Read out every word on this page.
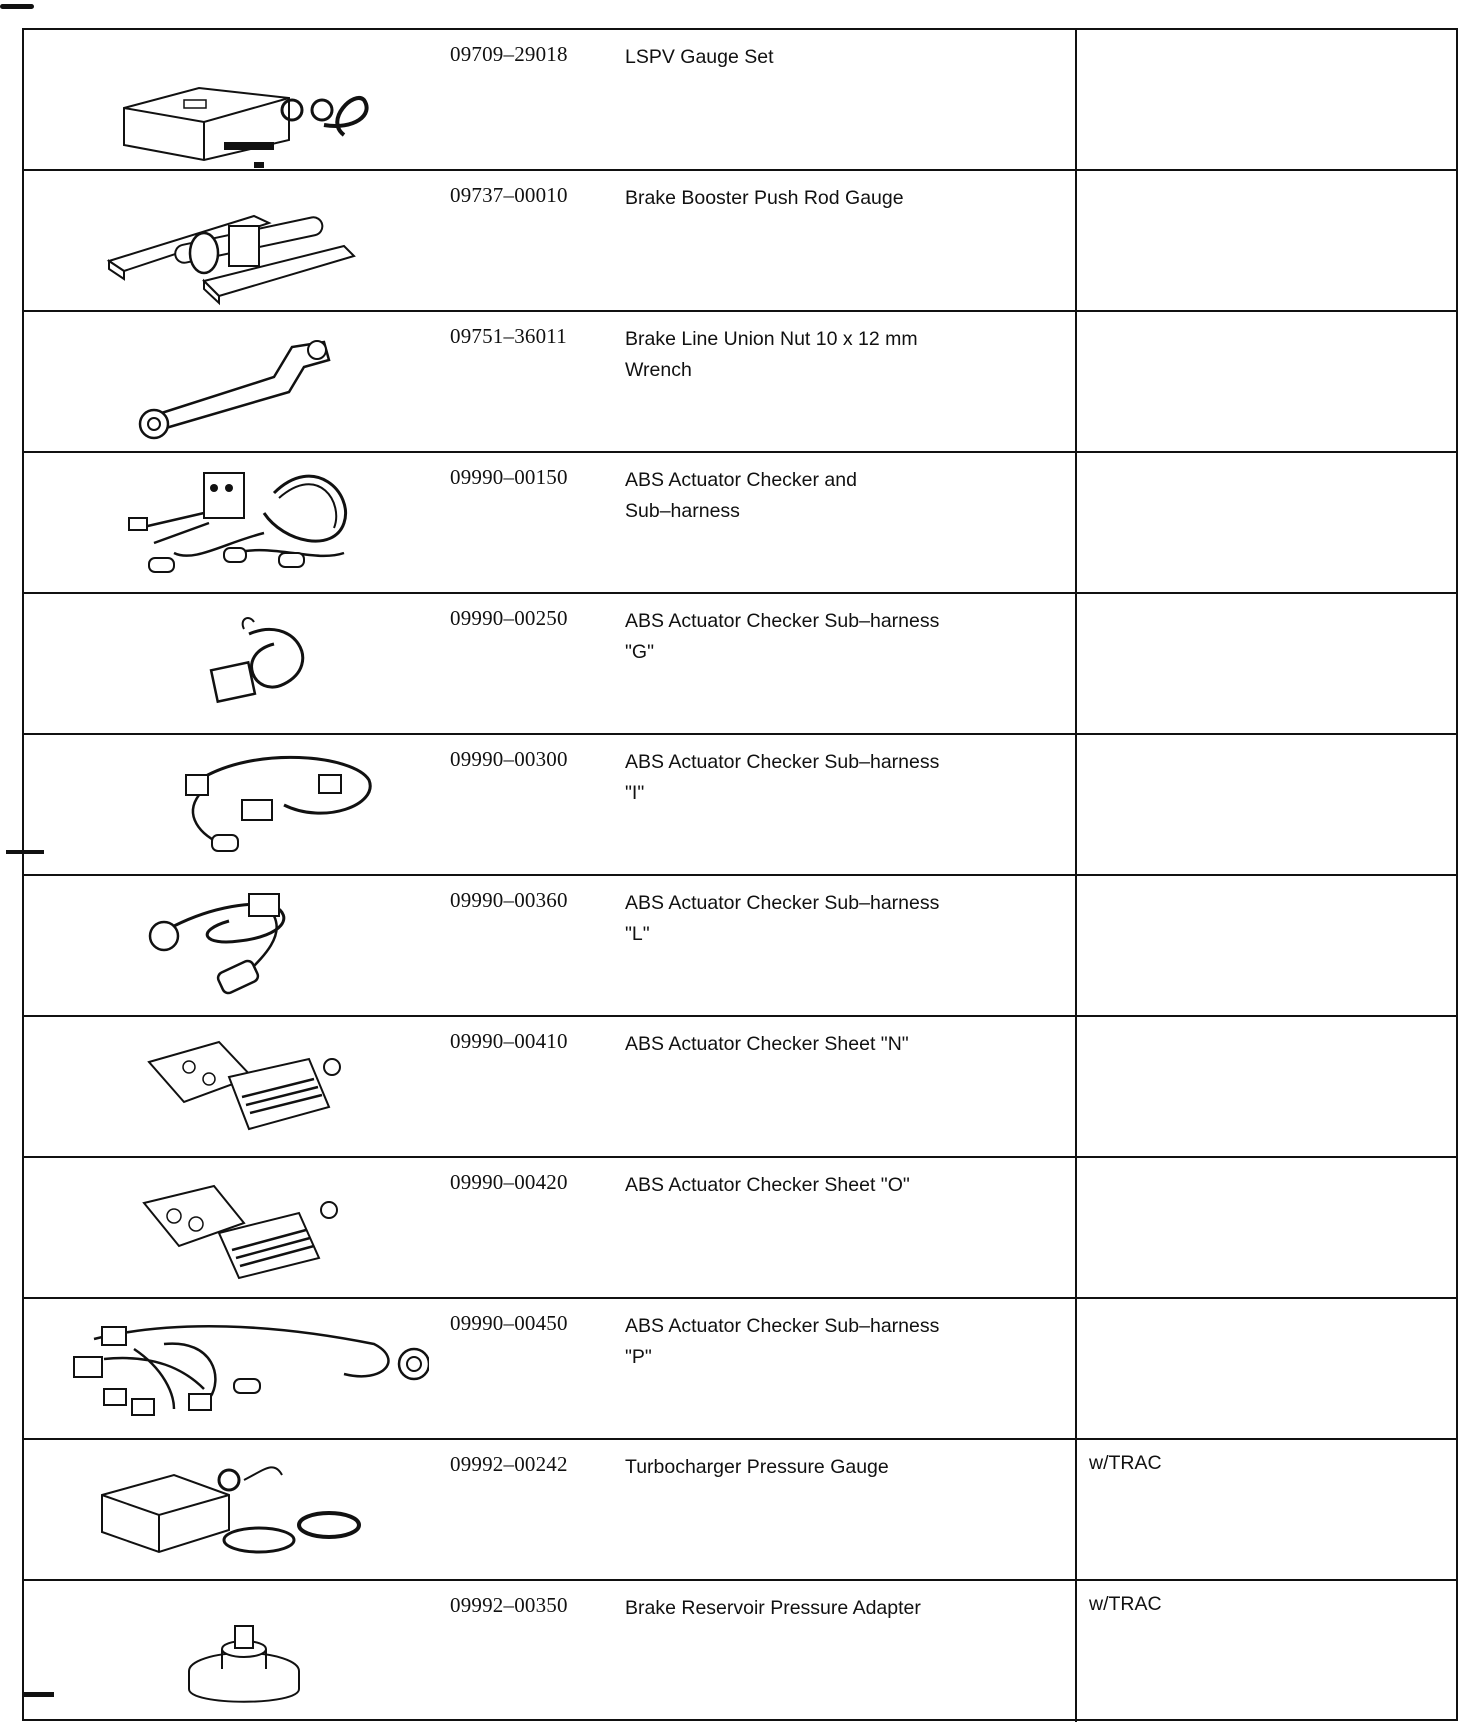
09709–29018	LSPV Gauge Set
09737–00010	Brake Booster Push Rod Gauge
09751–36011	Brake Line Union Nut 10 x 12 mm
Wrench
09990–00150	ABS Actuator Checker and
Sub–harness
09990–00250	ABS Actuator Checker Sub–harness
"G"
09990–00300	ABS Actuator Checker Sub–harness
"I"
09990–00360	ABS Actuator Checker Sub–harness
"L"
09990–00410	ABS Actuator Checker Sheet "N"
09990–00420	ABS Actuator Checker Sheet "O"
09990–00450	ABS Actuator Checker Sub–harness
"P"
09992–00242	Turbocharger Pressure Gauge	w/TRAC
09992–00350	Brake Reservoir Pressure Adapter	w/TRAC
